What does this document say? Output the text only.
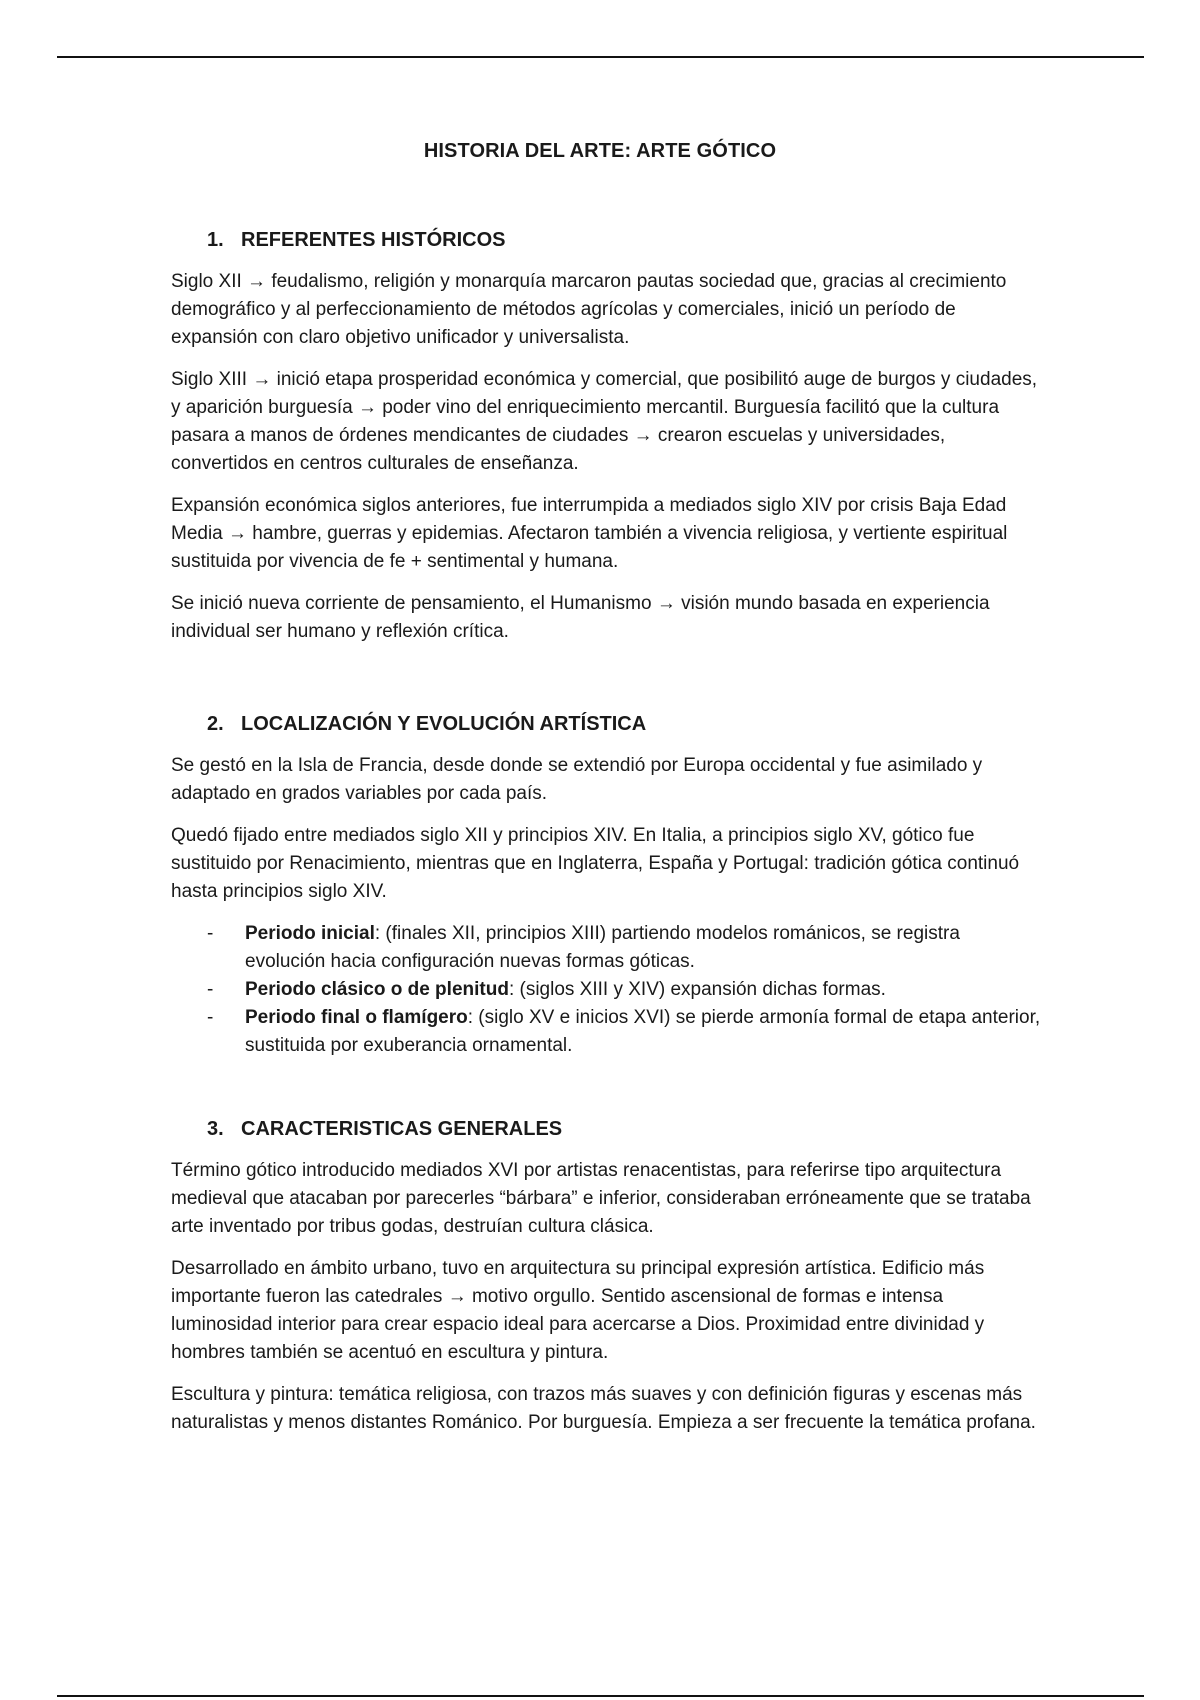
HISTORIA DEL ARTE: ARTE GÓTICO
1. REFERENTES HISTÓRICOS

Siglo XII → feudalismo, religión y monarquía marcaron pautas sociedad que, gracias al crecimiento demográfico y al perfeccionamiento de métodos agrícolas y comerciales, inició un período de expansión con claro objetivo unificador y universalista.

Siglo XIII → inició etapa prosperidad económica y comercial, que posibilitó auge de burgos y ciudades, y aparición burguesía → poder vino del enriquecimiento mercantil. Burguesía facilitó que la cultura pasara a manos de órdenes mendicantes de ciudades → crearon escuelas y universidades, convertidos en centros culturales de enseñanza.

Expansión económica siglos anteriores, fue interrumpida a mediados siglo XIV por crisis Baja Edad Media → hambre, guerras y epidemias. Afectaron también a vivencia religiosa, y vertiente espiritual sustituida por vivencia de fe + sentimental y humana.

Se inició nueva corriente de pensamiento, el Humanismo → visión mundo basada en experiencia individual ser humano y reflexión crítica.

2. LOCALIZACIÓN Y EVOLUCIÓN ARTÍSTICA

Se gestó en la Isla de Francia, desde donde se extendió por Europa occidental y fue asimilado y adaptado en grados variables por cada país.

Quedó fijado entre mediados siglo XII y principios XIV. En Italia, a principios siglo XV, gótico fue sustituido por Renacimiento, mientras que en Inglaterra, España y Portugal: tradición gótica continuó hasta principios siglo XIV.

- Periodo inicial: (finales XII, principios XIII) partiendo modelos románicos, se registra evolución hacia configuración nuevas formas góticas.
- Periodo clásico o de plenitud: (siglos XIII y XIV) expansión dichas formas.
- Periodo final o flamígero: (siglo XV e inicios XVI) se pierde armonía formal de etapa anterior, sustituida por exuberancia ornamental.
3. CARACTERISTICAS GENERALES

Término gótico introducido mediados XVI por artistas renacentistas, para referirse tipo arquitectura medieval que atacaban por parecerles “bárbara” e inferior, consideraban erróneamente que se trataba arte inventado por tribus godas, destruían cultura clásica.

Desarrollado en ámbito urbano, tuvo en arquitectura su principal expresión artística. Edificio más importante fueron las catedrales → motivo orgullo. Sentido ascensional de formas e intensa luminosidad interior para crear espacio ideal para acercarse a Dios. Proximidad entre divinidad y hombres también se acentuó en escultura y pintura.

Escultura y pintura: temática religiosa, con trazos más suaves y con definición figuras y escenas más naturalistas y menos distantes Románico. Por burguesía. Empieza a ser frecuente la temática profana.
